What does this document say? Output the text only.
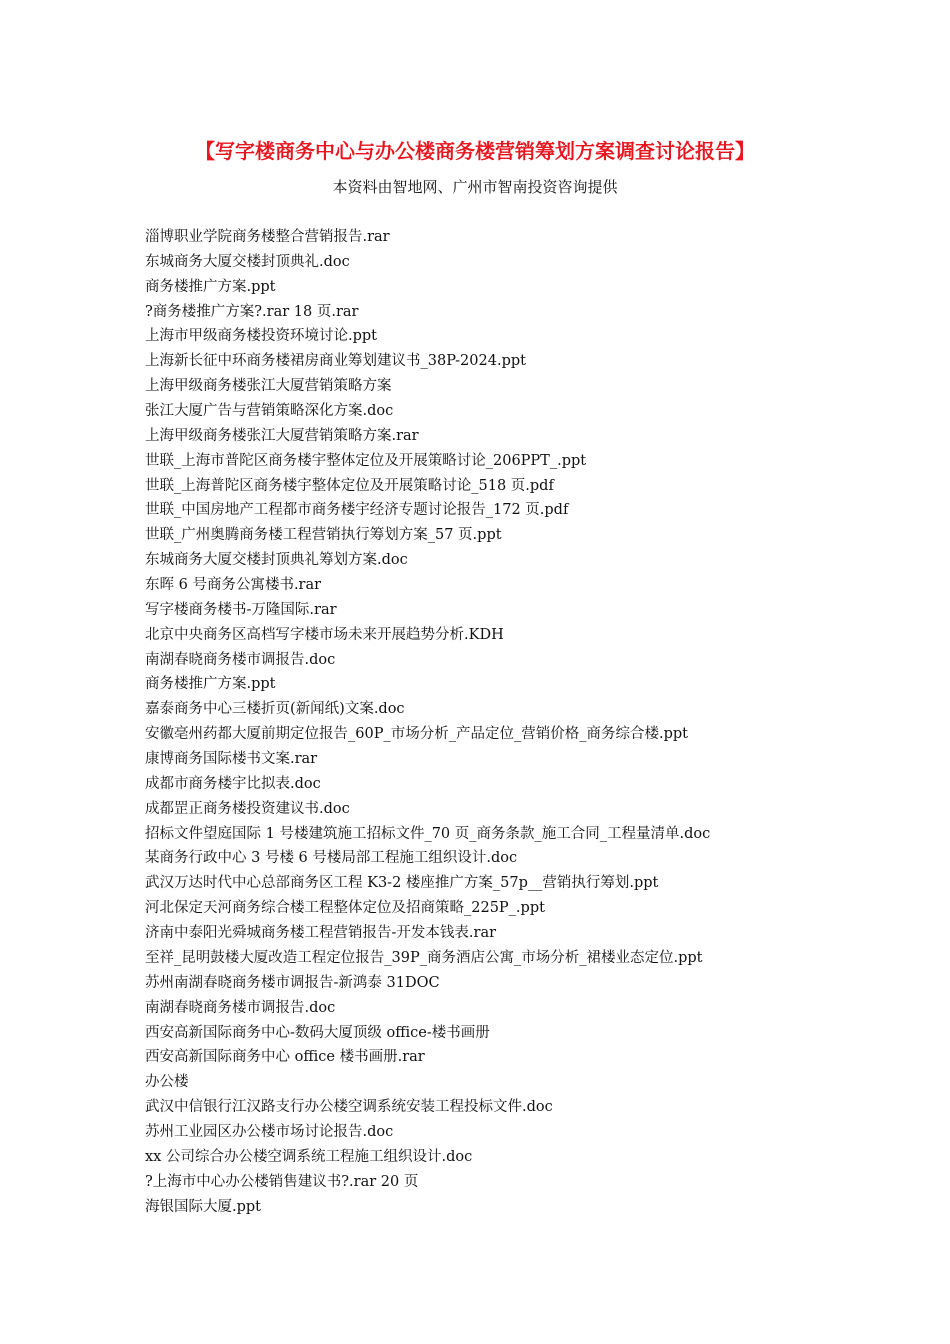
【写字楼商务中心与办公楼商务楼营销筹划方案调查讨论报告】
本资料由智地网、广州市智南投资咨询提供
淄博职业学院商务楼整合营销报告.rar
东城商务大厦交楼封顶典礼.doc
商务楼推广方案.ppt
?商务楼推广方案?.rar 18 页.rar
上海市甲级商务楼投资环境讨论.ppt
上海新长征中环商务楼裙房商业筹划建议书_38P-2024.ppt
上海甲级商务楼张江大厦营销策略方案
张江大厦广告与营销策略深化方案.doc
上海甲级商务楼张江大厦营销策略方案.rar
世联_上海市普陀区商务楼宇整体定位及开展策略讨论_206PPT_.ppt
世联_上海普陀区商务楼宇整体定位及开展策略讨论_518 页.pdf
世联_中国房地产工程都市商务楼宇经济专题讨论报告_172 页.pdf
世联_广州奥腾商务楼工程营销执行筹划方案_57 页.ppt
东城商务大厦交楼封顶典礼筹划方案.doc
东晖 6 号商务公寓楼书.rar
写字楼商务楼书-万隆国际.rar
北京中央商务区高档写字楼市场未来开展趋势分析.KDH
南湖春晓商务楼市调报告.doc
商务楼推广方案.ppt
嘉泰商务中心三楼折页(新闻纸)文案.doc
安徽亳州药都大厦前期定位报告_60P_市场分析_产品定位_营销价格_商务综合楼.ppt
康博商务国际楼书文案.rar
成都市商务楼宇比拟表.doc
成都罡正商务楼投资建议书.doc
招标文件望庭国际 1 号楼建筑施工招标文件_70 页_商务条款_施工合同_工程量清单.doc
某商务行政中心 3 号楼 6 号楼局部工程施工组织设计.doc
武汉万达时代中心总部商务区工程 K3-2 楼座推广方案_57p__营销执行筹划.ppt
河北保定天河商务综合楼工程整体定位及招商策略_225P_.ppt
济南中泰阳光舜城商务楼工程营销报告-开发本钱表.rar
至祥_昆明鼓楼大厦改造工程定位报告_39P_商务酒店公寓_市场分析_裙楼业态定位.ppt
苏州南湖春晓商务楼市调报告-新鸿泰 31DOC
南湖春晓商务楼市调报告.doc
西安高新国际商务中心-数码大厦顶级 office-楼书画册
西安高新国际商务中心 office 楼书画册.rar
办公楼
武汉中信银行江汉路支行办公楼空调系统安装工程投标文件.doc
苏州工业园区办公楼市场讨论报告.doc
xx 公司综合办公楼空调系统工程施工组织设计.doc
?上海市中心办公楼销售建议书?.rar 20 页
海银国际大厦.ppt
